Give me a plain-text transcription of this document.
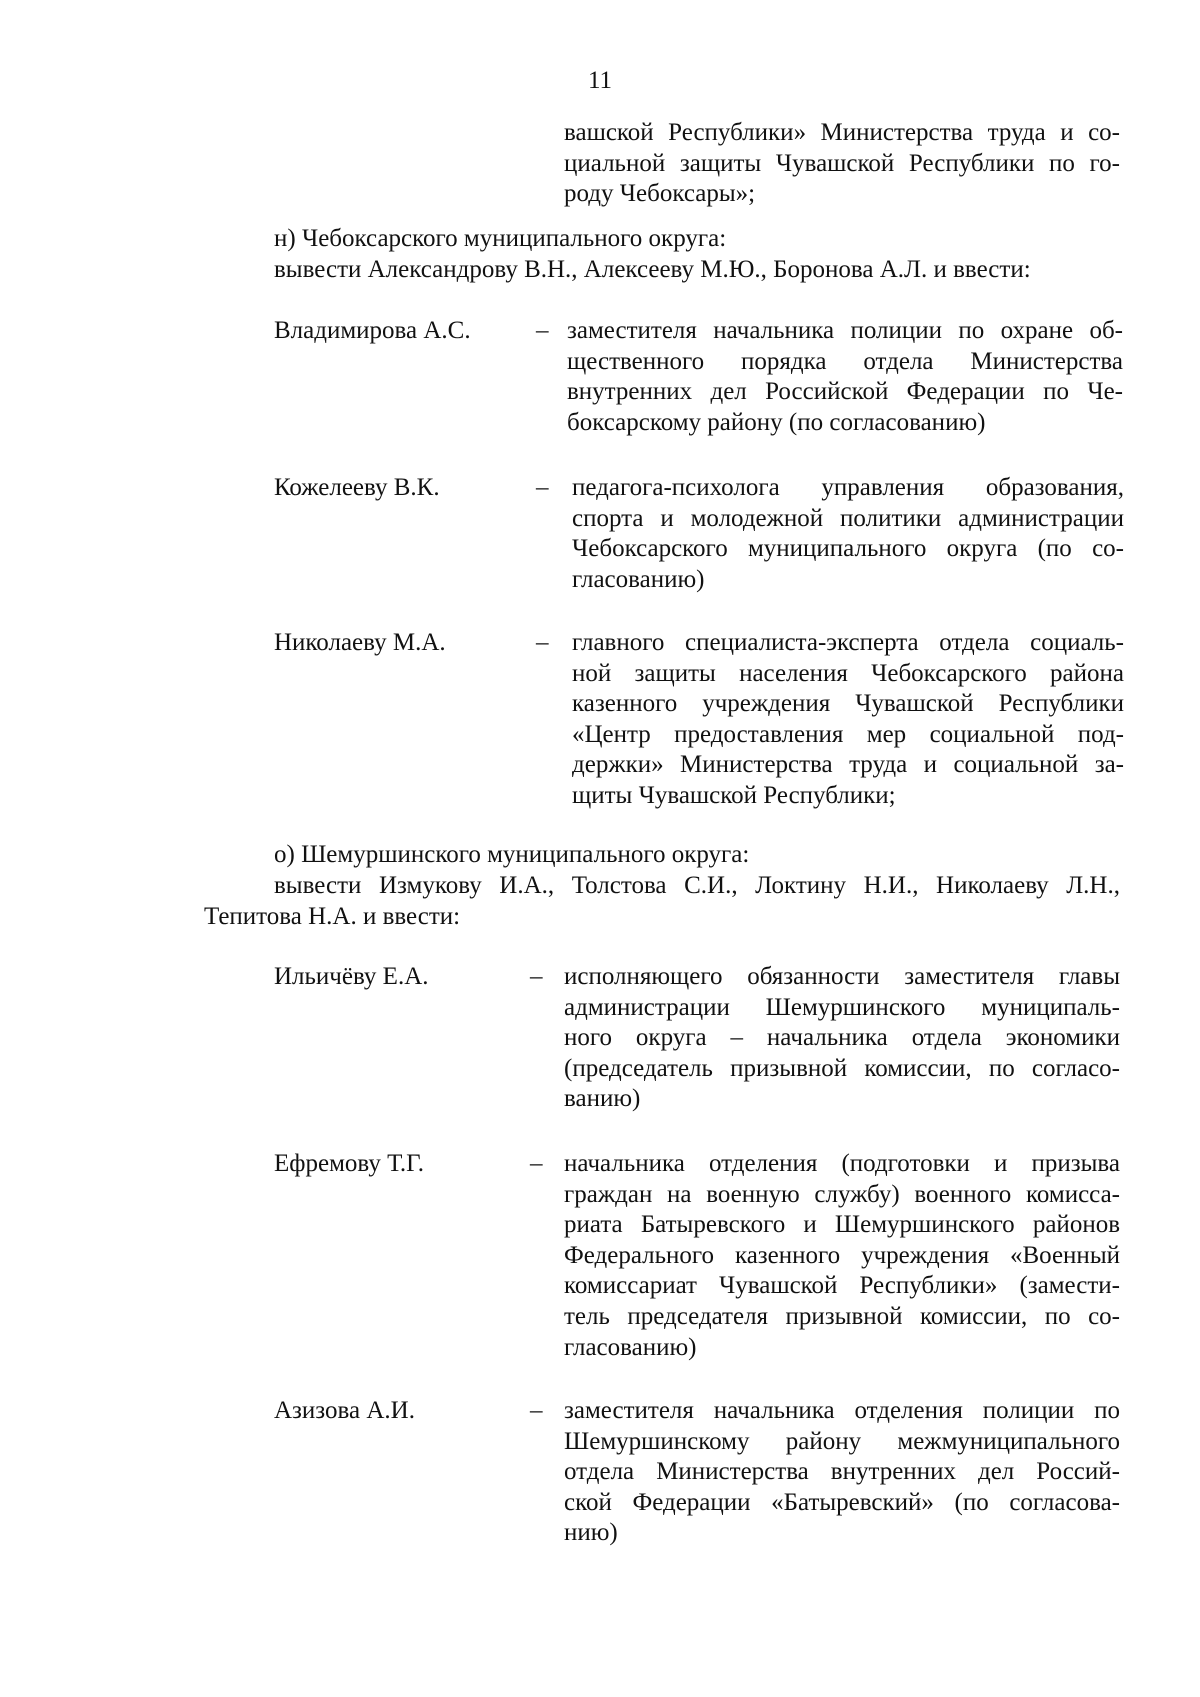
11
вашской Республики» Министерства труда и со-
циальной защиты Чувашской Республики по го-
роду Чебоксары»;
н) Чебоксарского муниципального округа:
вывести Александрову В.Н., Алексееву М.Ю., Боронова А.Л. и ввести:
Владимирова А.С.	– заместителя начальника полиции по охране об-
щественного порядка отдела Министерства
внутренних дел Российской Федерации по Че-
боксарскому району (по согласованию)
Кожелееву В.К.	– педагога-психолога управления образования,
спорта и молодежной политики администрации
Чебоксарского муниципального округа (по со-
гласованию)
Николаеву М.А.	– главного специалиста-эксперта отдела социаль-
ной защиты населения Чебоксарского района
казенного учреждения Чувашской Республики
«Центр предоставления мер социальной под-
держки» Министерства труда и социальной за-
щиты Чувашской Республики;
о) Шемуршинского муниципального округа:
вывести Измукову И.А., Толстова С.И., Локтину Н.И., Николаеву Л.Н.,
Тепитова Н.А. и ввести:
Ильичёву Е.А.	– исполняющего обязанности заместителя главы
администрации Шемуршинского муниципаль-
ного округа – начальника отдела экономики
(председатель призывной комиссии, по согласо-
ванию)
Ефремову Т.Г.	– начальника отделения (подготовки и призыва
граждан на военную службу) военного комисса-
риата Батыревского и Шемуршинского районов
Федерального казенного учреждения «Военный
комиссариат Чувашской Республики» (замести-
тель председателя призывной комиссии, по со-
гласованию)
Азизова А.И.	– заместителя начальника отделения полиции по
Шемуршинскому району межмуниципального
отдела Министерства внутренних дел Россий-
ской Федерации «Батыревский» (по согласова-
нию)
